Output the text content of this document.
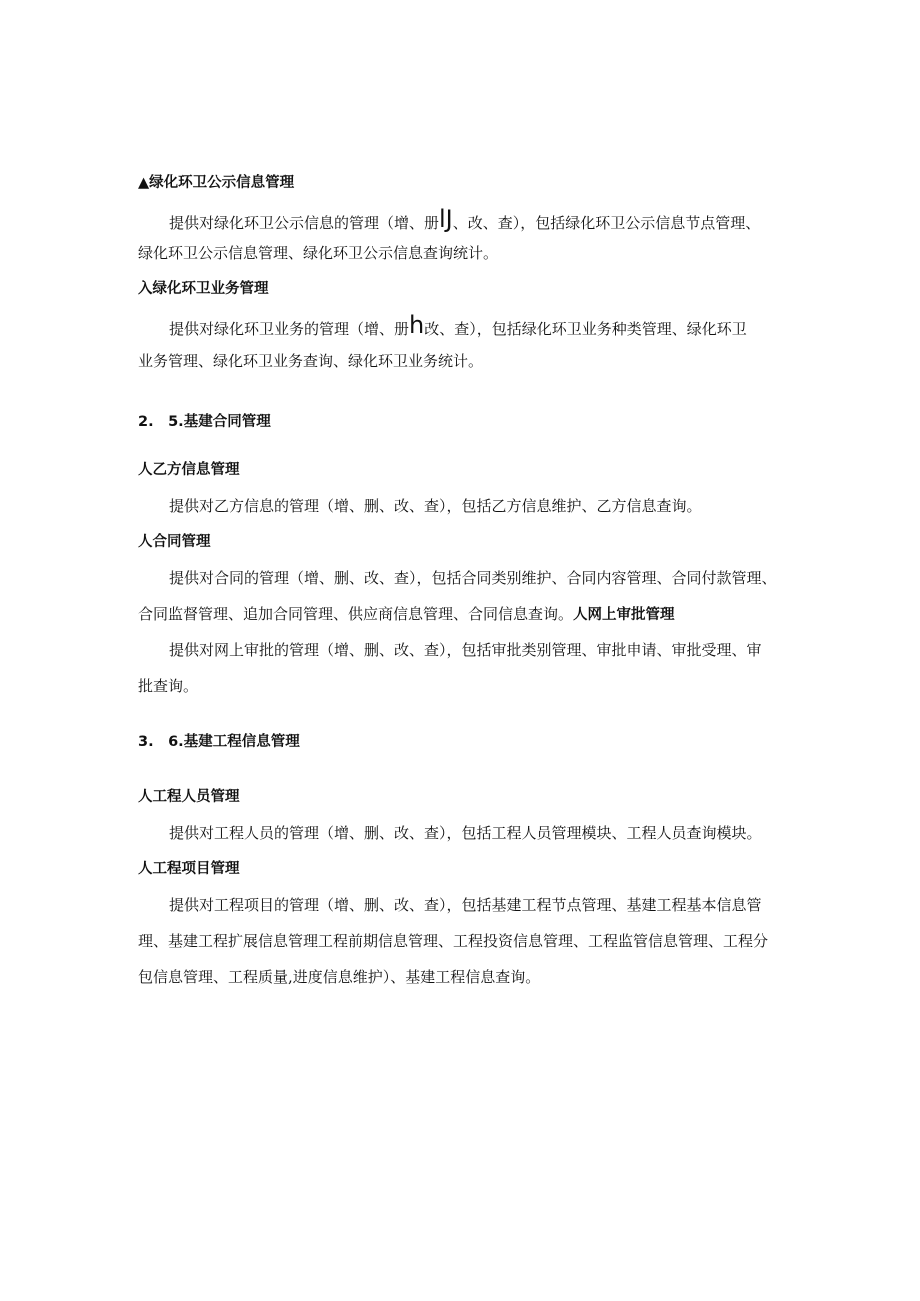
▲绿化环卫公示信息管理
提供对绿化环卫公示信息的管理（增、册lJ、改、查），包括绿化环卫公示信息节点管理、
绿化环卫公示信息管理、绿化环卫公示信息查询统计。
入绿化环卫业务管理
提供对绿化环卫业务的管理（增、册h改、查），包括绿化环卫业务种类管理、绿化环卫
业务管理、绿化环卫业务查询、绿化环卫业务统计。
2.　5.基建合同管理
人乙方信息管理
提供对乙方信息的管理（增、删、改、查），包括乙方信息维护、乙方信息查询。
人合同管理
提供对合同的管理（增、删、改、查），包括合同类别维护、合同内容管理、合同付款管理、
合同监督管理、追加合同管理、供应商信息管理、合同信息查询。人网上审批管理
提供对网上审批的管理（增、删、改、查），包括审批类别管理、审批申请、审批受理、审
批查询。
3.　6.基建工程信息管理
人工程人员管理
提供对工程人员的管理（增、删、改、查），包括工程人员管理模块、工程人员查询模块。
人工程项目管理
提供对工程项目的管理（增、删、改、查），包括基建工程节点管理、基建工程基本信息管
理、基建工程扩展信息管理工程前期信息管理、工程投资信息管理、工程监管信息管理、工程分
包信息管理、工程质量,进度信息维护）、基建工程信息查询。
